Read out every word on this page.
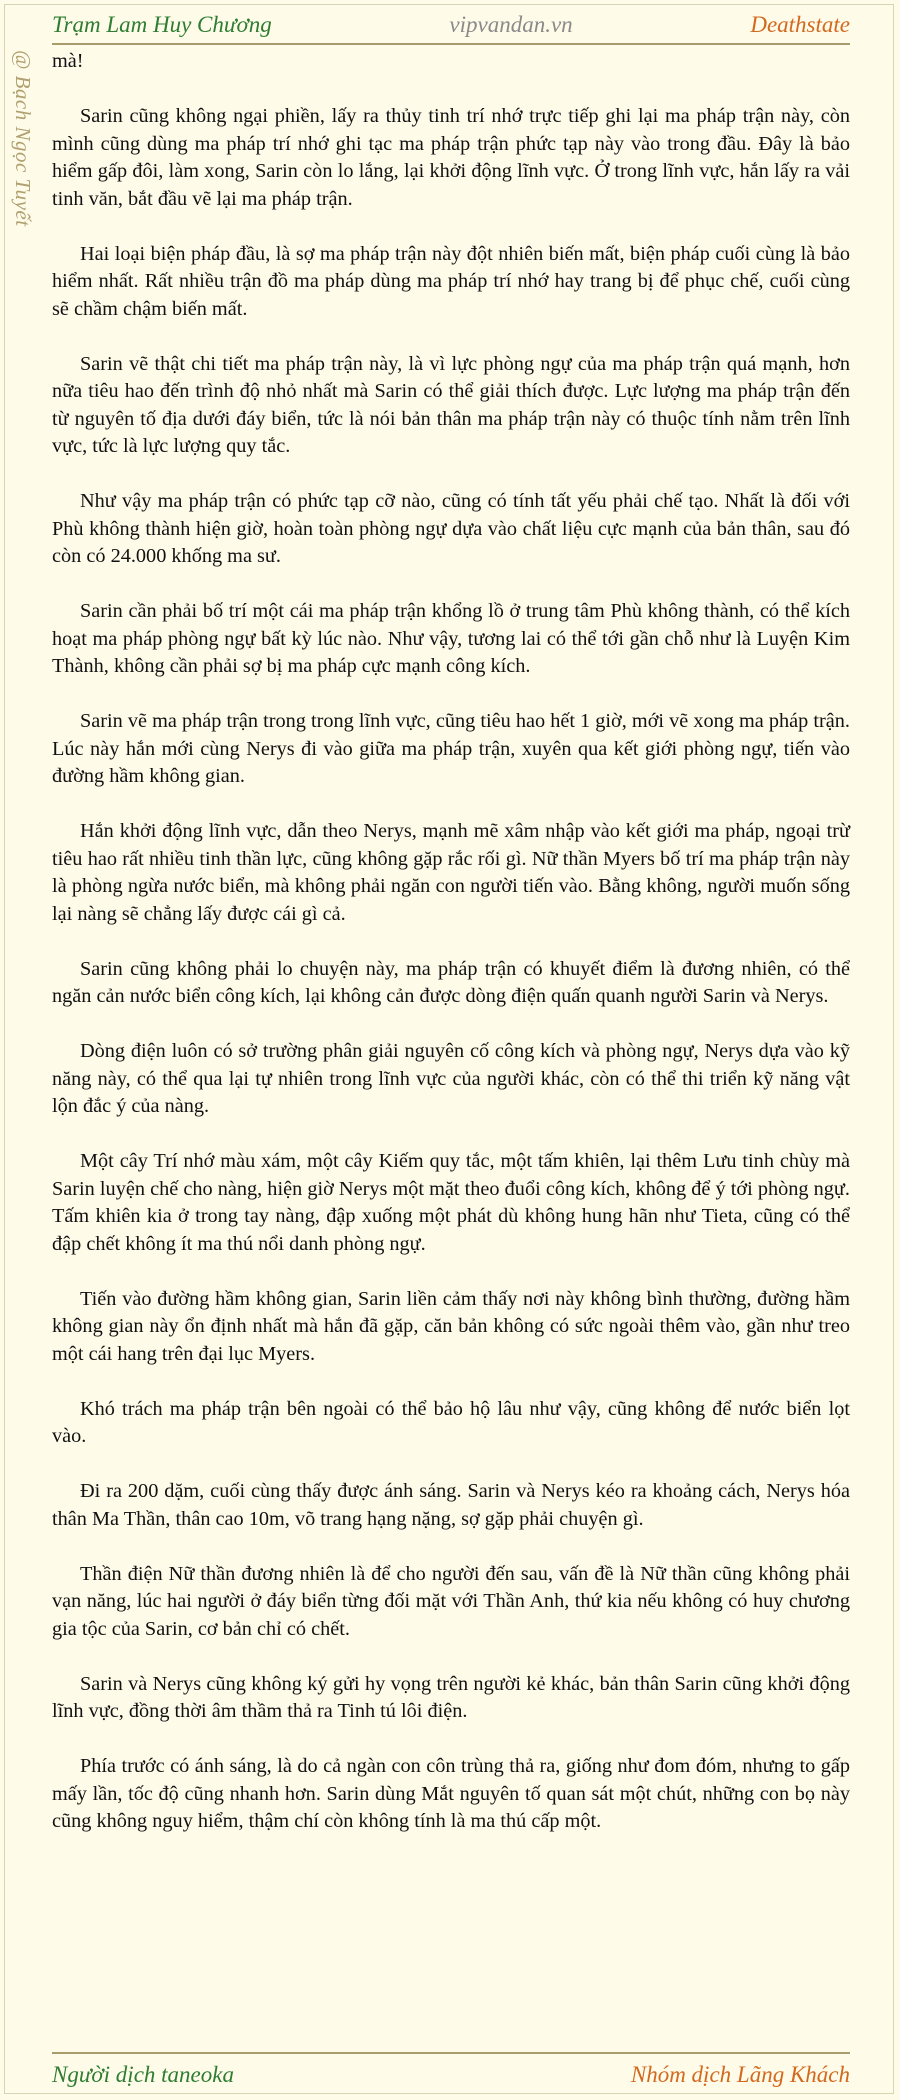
Trạm Lam Huy Chương	vipvandan.vn	Deathstate
@ Bạch Ngọc Tuyết mà!

Sarin cũng không ngại phiền, lấy ra thủy tinh trí nhớ trực tiếp ghi lại ma pháp trận này, còn mình cũng dùng ma pháp trí nhớ ghi tạc ma pháp trận phức tạp này vào trong đầu. Đây là bảo hiểm gấp đôi, làm xong, Sarin còn lo lắng, lại khởi động lĩnh vực. Ở trong lĩnh vực, hắn lấy ra vải tinh văn, bắt đầu vẽ lại ma pháp trận.

Hai loại biện pháp đầu, là sợ ma pháp trận này đột nhiên biến mất, biện pháp cuối cùng là bảo hiểm nhất. Rất nhiều trận đồ ma pháp dùng ma pháp trí nhớ hay trang bị để phục chế, cuối cùng sẽ chầm chậm biến mất.

Sarin vẽ thật chi tiết ma pháp trận này, là vì lực phòng ngự của ma pháp trận quá mạnh, hơn nữa tiêu hao đến trình độ nhỏ nhất mà Sarin có thể giải thích được. Lực lượng ma pháp trận đến từ nguyên tố địa dưới đáy biển, tức là nói bản thân ma pháp trận này có thuộc tính nằm trên lĩnh vực, tức là lực lượng quy tắc.

Như vậy ma pháp trận có phức tạp cỡ nào, cũng có tính tất yếu phải chế tạo. Nhất là đối với Phù không thành hiện giờ, hoàn toàn phòng ngự dựa vào chất liệu cực mạnh của bản thân, sau đó còn có 24.000 khống ma sư.

Sarin cần phải bố trí một cái ma pháp trận khổng lồ ở trung tâm Phù không thành, có thể kích hoạt ma pháp phòng ngự bất kỳ lúc nào. Như vậy, tương lai có thể tới gần chỗ như là Luyện Kim Thành, không cần phải sợ bị ma pháp cực mạnh công kích.

Sarin vẽ ma pháp trận trong trong lĩnh vực, cũng tiêu hao hết 1 giờ, mới vẽ xong ma pháp trận. Lúc này hắn mới cùng Nerys đi vào giữa ma pháp trận, xuyên qua kết giới phòng ngự, tiến vào đường hầm không gian.

Hắn khởi động lĩnh vực, dẫn theo Nerys, mạnh mẽ xâm nhập vào kết giới ma pháp, ngoại trừ tiêu hao rất nhiều tinh thần lực, cũng không gặp rắc rối gì. Nữ thần Myers bố trí ma pháp trận này là phòng ngừa nước biển, mà không phải ngăn con người tiến vào. Bằng không, người muốn sống lại nàng sẽ chẳng lấy được cái gì cả.

Sarin cũng không phải lo chuyện này, ma pháp trận có khuyết điểm là đương nhiên, có thể ngăn cản nước biển công kích, lại không cản được dòng điện quấn quanh người Sarin và Nerys.

Dòng điện luôn có sở trường phân giải nguyên cố công kích và phòng ngự, Nerys dựa vào kỹ năng này, có thể qua lại tự nhiên trong lĩnh vực của người khác, còn có thể thi triển kỹ năng vật lộn đắc ý của nàng.

Một cây Trí nhớ màu xám, một cây Kiếm quy tắc, một tấm khiên, lại thêm Lưu tinh chùy mà Sarin luyện chế cho nàng, hiện giờ Nerys một mặt theo đuổi công kích, không để ý tới phòng ngự. Tấm khiên kia ở trong tay nàng, đập xuống một phát dù không hung hãn như Tieta, cũng có thể đập chết không ít ma thú nổi danh phòng ngự.

Tiến vào đường hầm không gian, Sarin liền cảm thấy nơi này không bình thường, đường hầm không gian này ổn định nhất mà hắn đã gặp, căn bản không có sức ngoài thêm vào, gần như treo một cái hang trên đại lục Myers.

Khó trách ma pháp trận bên ngoài có thể bảo hộ lâu như vậy, cũng không để nước biển lọt vào.

Đi ra 200 dặm, cuối cùng thấy được ánh sáng. Sarin và Nerys kéo ra khoảng cách, Nerys hóa thân Ma Thần, thân cao 10m, võ trang hạng nặng, sợ gặp phải chuyện gì.

Thần điện Nữ thần đương nhiên là để cho người đến sau, vấn đề là Nữ thần cũng không phải vạn năng, lúc hai người ở đáy biển từng đối mặt với Thần Anh, thứ kia nếu không có huy chương gia tộc của Sarin, cơ bản chỉ có chết.

Sarin và Nerys cũng không ký gửi hy vọng trên người kẻ khác, bản thân Sarin cũng khởi động lĩnh vực, đồng thời âm thầm thả ra Tinh tú lôi điện.

Phía trước có ánh sáng, là do cả ngàn con côn trùng thả ra, giống như đom đóm, nhưng to gấp mấy lần, tốc độ cũng nhanh hơn. Sarin dùng Mắt nguyên tố quan sát một chút, những con bọ này cũng không nguy hiểm, thậm chí còn không tính là ma thú cấp một.

Người dịch taneoka	Nhóm dịch Lãng Khách
